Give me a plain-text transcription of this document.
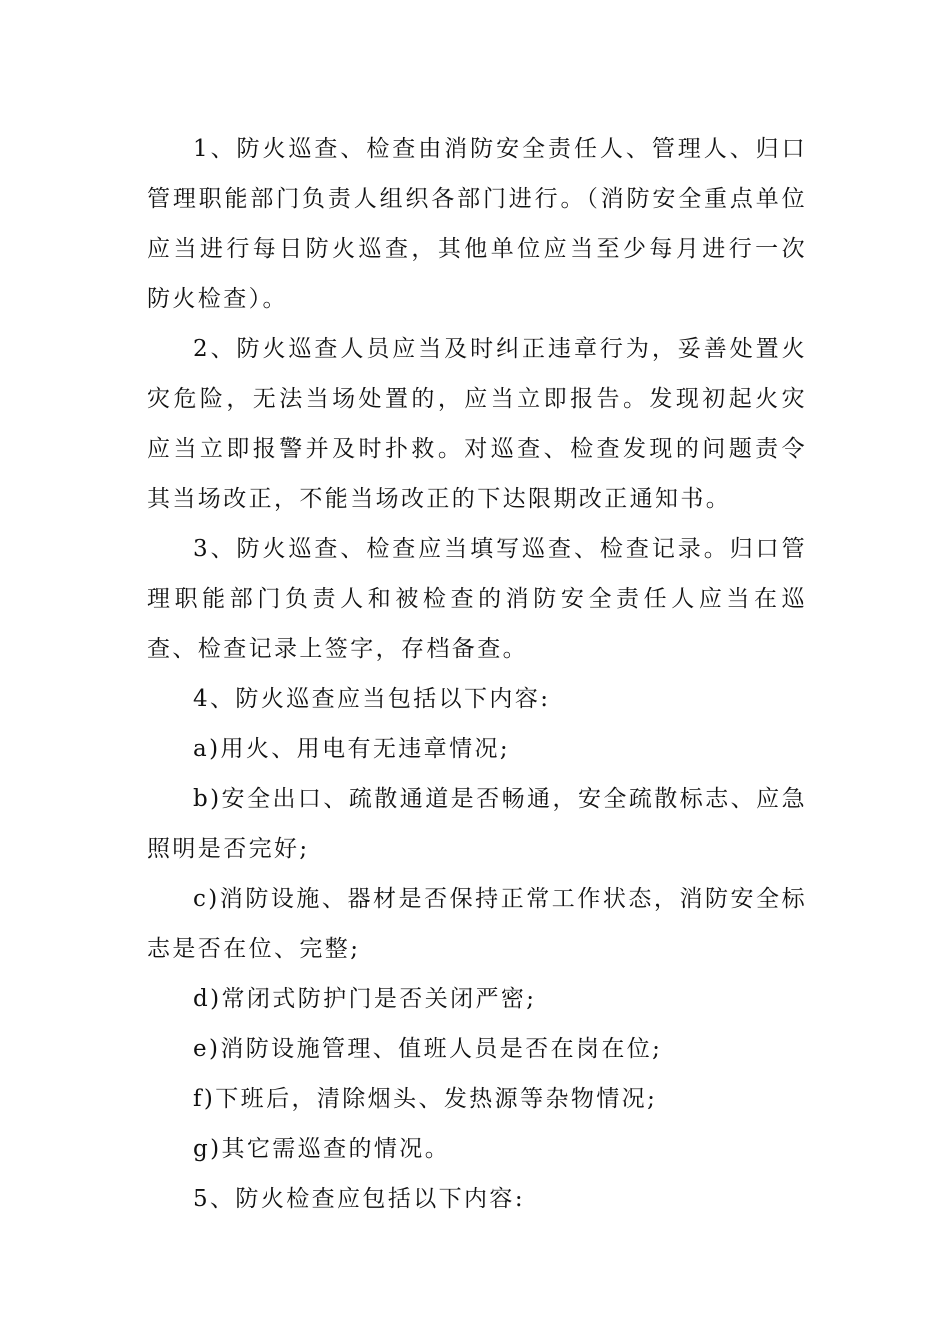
1、防火巡查、检查由消防安全责任人、管理人、归口管理职能部门负责人组织各部门进行。（消防安全重点单位应当进行每日防火巡查，其他单位应当至少每月进行一次防火检查）。

2、防火巡查人员应当及时纠正违章行为，妥善处置火灾危险，无法当场处置的，应当立即报告。发现初起火灾应当立即报警并及时扑救。对巡查、检查发现的问题责令其当场改正，不能当场改正的下达限期改正通知书。

3、防火巡查、检查应当填写巡查、检查记录。归口管理职能部门负责人和被检查的消防安全责任人应当在巡查、检查记录上签字，存档备查。

4、防火巡查应当包括以下内容:

a)用火、用电有无违章情况;

b)安全出口、疏散通道是否畅通，安全疏散标志、应急照明是否完好;

c)消防设施、器材是否保持正常工作状态，消防安全标志是否在位、完整;

d)常闭式防护门是否关闭严密;

e)消防设施管理、值班人员是否在岗在位;

f)下班后，清除烟头、发热源等杂物情况;

g)其它需巡查的情况。

5、防火检查应包括以下内容:
